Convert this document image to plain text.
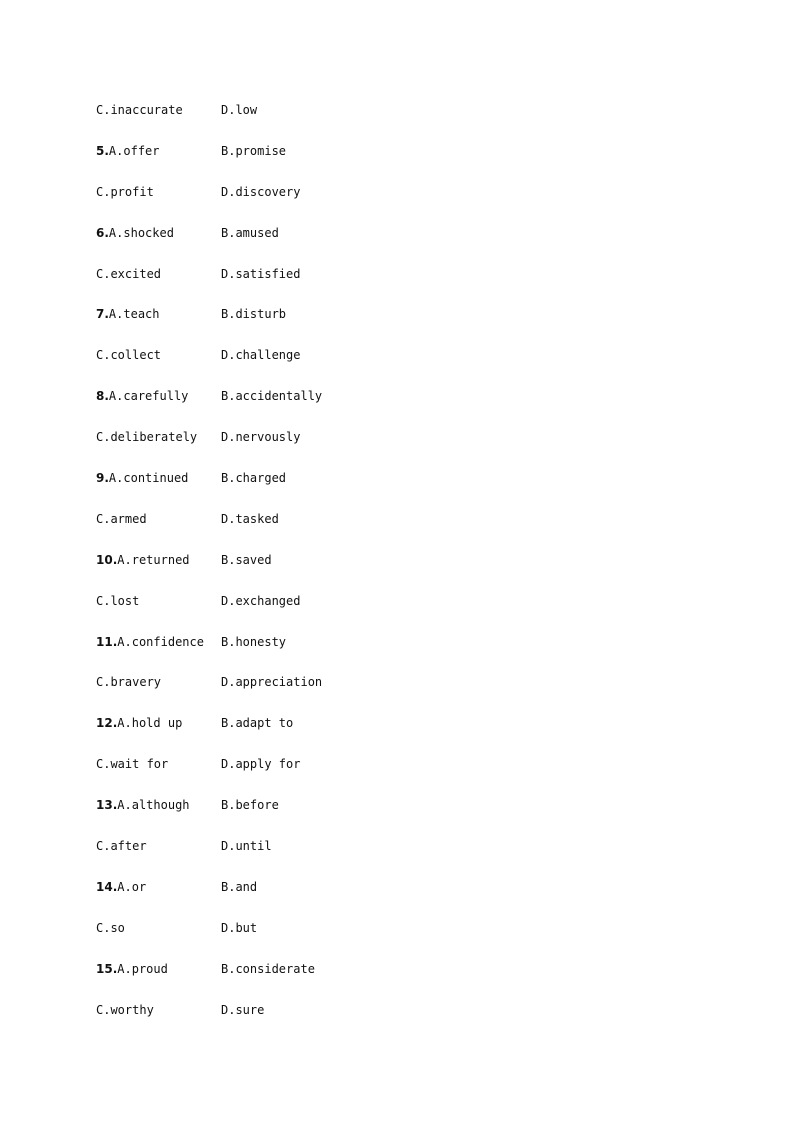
C.inaccurate	D.low
5. A.offer	B.promise
C.profit	D.discovery
6. A.shocked	B.amused
C.excited	D.satisfied
7. A.teach	B.disturb
C.collect	D.challenge
8. A.carefully	B.accidentally
C.deliberately D.nervously
9. A.continued	B.charged
C.armed	D.tasked
10. A.returned	B.saved
C.lost	D.exchanged
11. A.confidence B.honesty
C.bravery	D.appreciation
12. A.hold up	B.adapt to
C.wait for	D.apply for
13. A.although	B.before
C.after	D.until
14. A.or	B.and
C.so	D.but
15. A.proud	B.considerate
C.worthy	D.sure
